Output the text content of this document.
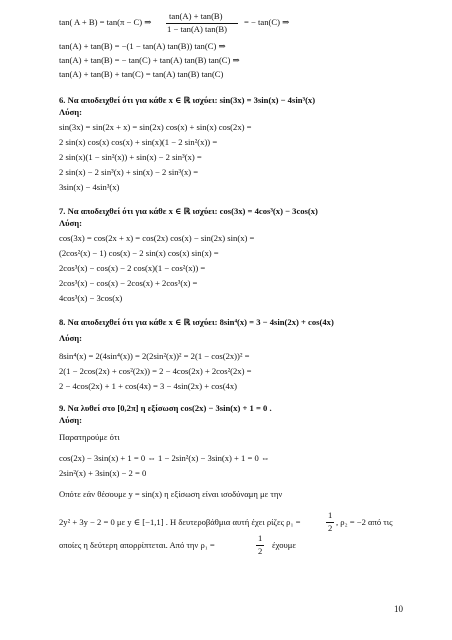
tan( A + B) = tan(π − C) ⇒
tan(A) + tan(B)
1 − tan(A) tan(B)
= − tan(C) ⇒
tan(A) + tan(B) = −(1 − tan(A) tan(B)) tan(C) ⇒
tan(A) + tan(B) = − tan(C) + tan(A) tan(B) tan(C) ⇒
tan(A) + tan(B) + tan(C) = tan(A) tan(B) tan(C)
6. Να αποδειχθεί ότι για κάθε x ∈ ℝ ισχύει: sin(3x) = 3sin(x) − 4sin³(x)
Λύση:
sin(3x) = sin(2x + x) = sin(2x) cos(x) + sin(x) cos(2x) =
2 sin(x) cos(x) cos(x) + sin(x)(1 − 2 sin²(x)) =
2 sin(x)(1 − sin²(x)) + sin(x) − 2 sin³(x) =
2 sin(x) − 2 sin³(x) + sin(x) − 2 sin³(x) =
3sin(x) − 4sin³(x)
7. Να αποδειχθεί ότι για κάθε x ∈ ℝ ισχύει: cos(3x) = 4cos³(x) − 3cos(x)
Λύση:
cos(3x) = cos(2x + x) = cos(2x) cos(x) − sin(2x) sin(x) =
(2cos²(x) − 1) cos(x) − 2 sin(x) cos(x) sin(x) =
2cos³(x) − cos(x) − 2 cos(x)(1 − cos²(x)) =
2cos³(x) − cos(x) − 2cos(x) + 2cos³(x) =
4cos³(x) − 3cos(x)
8. Να αποδειχθεί ότι για κάθε x ∈ ℝ ισχύει: 8sin⁴(x) = 3 − 4sin(2x) + cos(4x)
Λύση:
8sin⁴(x) = 2(4sin⁴(x)) = 2(2sin²(x))² = 2(1 − cos(2x))² =
2(1 − 2cos(2x) + cos²(2x)) = 2 − 4cos(2x) + 2cos²(2x) =
2 − 4cos(2x) + 1 + cos(4x) = 3 − 4sin(2x) + cos(4x)
9. Να λυθεί στο [0,2π] η εξίσωση cos(2x) − 3sin(x) + 1 = 0 .
Λύση:
Παρατηρούμε ότι
cos(2x) − 3sin(x) + 1 = 0 ⇔ 1 − 2sin²(x) − 3sin(x) + 1 = 0 ⇔
2sin²(x) + 3sin(x) − 2 = 0
Οπότε εάν θέσουμε y = sin(x) η εξίσωση είναι ισοδύναμη με την
2y² + 3y − 2 = 0 με y ∈ [−1,1] . Η δευτεροβάθμια αυτή έχει ρίζες ρ₁ =
1
2
, ρ₂ = −2 από τις
οποίες η δεύτερη απορρίπτεται. Από την ρ₁ =
1
2
έχουμε
10
